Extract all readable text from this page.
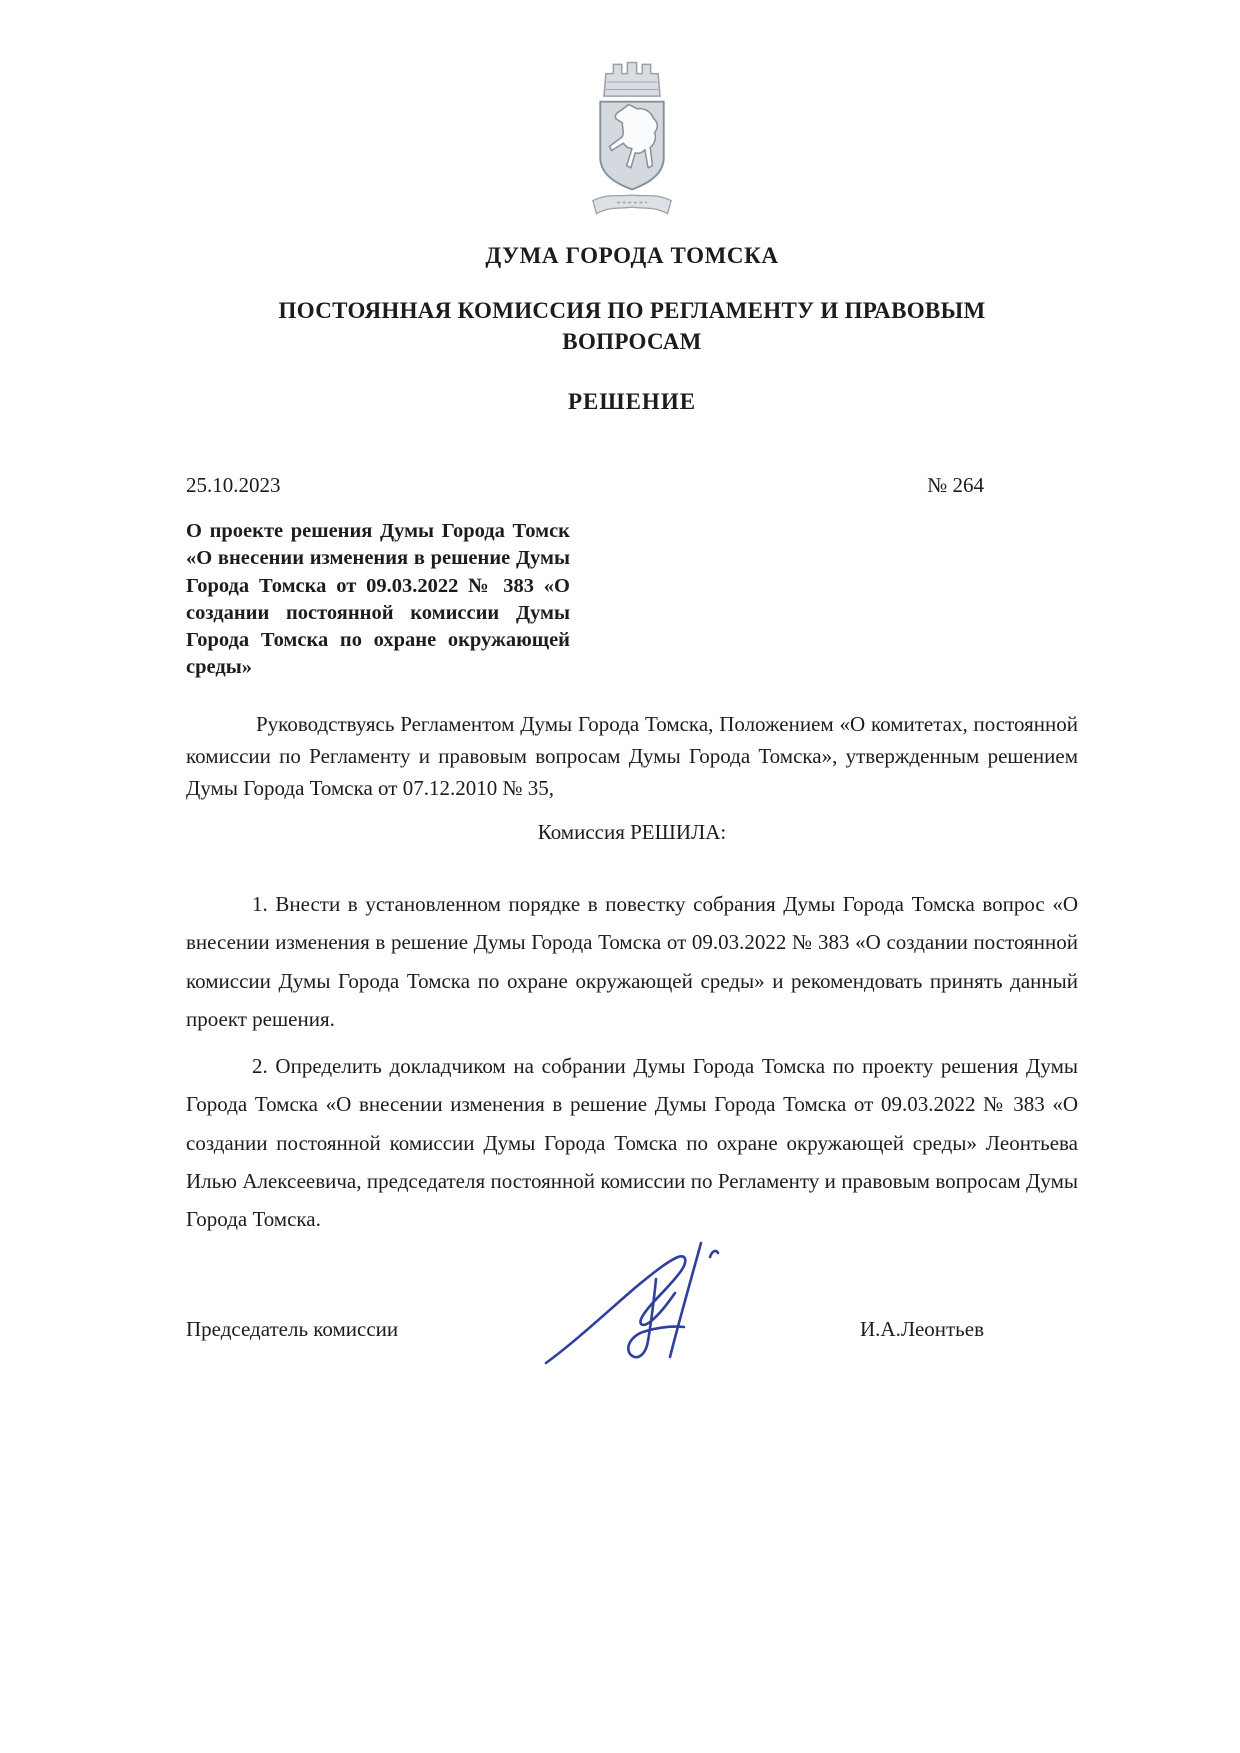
ДУМА ГОРОДА ТОМСКА
ПОСТОЯННАЯ КОМИССИЯ ПО РЕГЛАМЕНТУ И ПРАВОВЫМ ВОПРОСАМ
РЕШЕНИЕ
25.10.2023	№ 264

О проекте решения Думы Города Томск «О внесении изменения в решение Думы Города Томска от 09.03.2022 № 383 «О создании постоянной комиссии Думы Города Томска по охране окружающей среды»

Руководствуясь Регламентом Думы Города Томска, Положением «О комитетах, постоянной комиссии по Регламенту и правовым вопросам Думы Города Томска», утвержденным решением Думы Города Томска от 07.12.2010 № 35,

Комиссия РЕШИЛА:

1. Внести в установленном порядке в повестку собрания Думы Города Томска вопрос «О внесении изменения в решение Думы Города Томска от 09.03.2022 № 383 «О создании постоянной комиссии Думы Города Томска по охране окружающей среды» и рекомендовать принять данный проект решения.

2. Определить докладчиком на собрании Думы Города Томска по проекту решения Думы Города Томска «О внесении изменения в решение Думы Города Томска от 09.03.2022 № 383 «О создании постоянной комиссии Думы Города Томска по охране окружающей среды» Леонтьева Илью Алексеевича, председателя постоянной комиссии по Регламенту и правовым вопросам Думы Города Томска.

Председатель комиссии	И.А.Леонтьев
